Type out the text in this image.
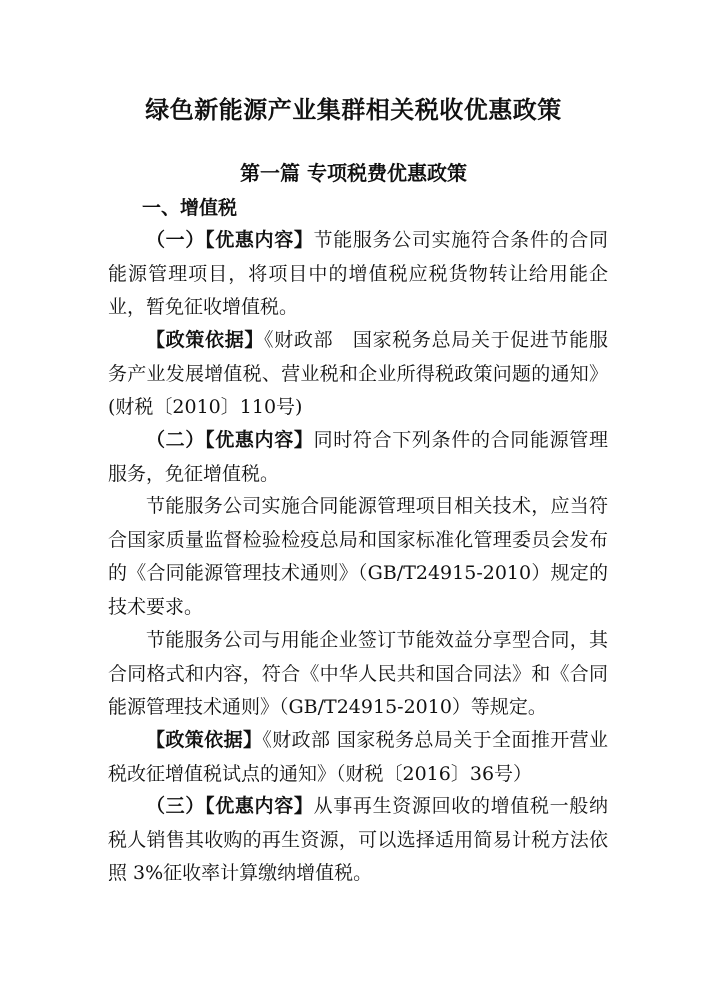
绿色新能源产业集群相关税收优惠政策
第一篇 专项税费优惠政策
一、增值税

（一）【优惠内容】节能服务公司实施符合条件的合同能源管理项目，将项目中的增值税应税货物转让给用能企业，暂免征收增值税。

【政策依据】《财政部　国家税务总局关于促进节能服务产业发展增值税、营业税和企业所得税政策问题的通知》(财税〔2010〕110号)

（二）【优惠内容】同时符合下列条件的合同能源管理服务，免征增值税。

节能服务公司实施合同能源管理项目相关技术，应当符合国家质量监督检验检疫总局和国家标准化管理委员会发布的《合同能源管理技术通则》（GB/T24915-2010）规定的技术要求。

节能服务公司与用能企业签订节能效益分享型合同，其合同格式和内容，符合《中华人民共和国合同法》和《合同能源管理技术通则》（GB/T24915-2010）等规定。

【政策依据】《财政部 国家税务总局关于全面推开营业税改征增值税试点的通知》（财税〔2016〕36号）

（三）【优惠内容】从事再生资源回收的增值税一般纳税人销售其收购的再生资源，可以选择适用简易计税方法依照 3%征收率计算缴纳增值税。
